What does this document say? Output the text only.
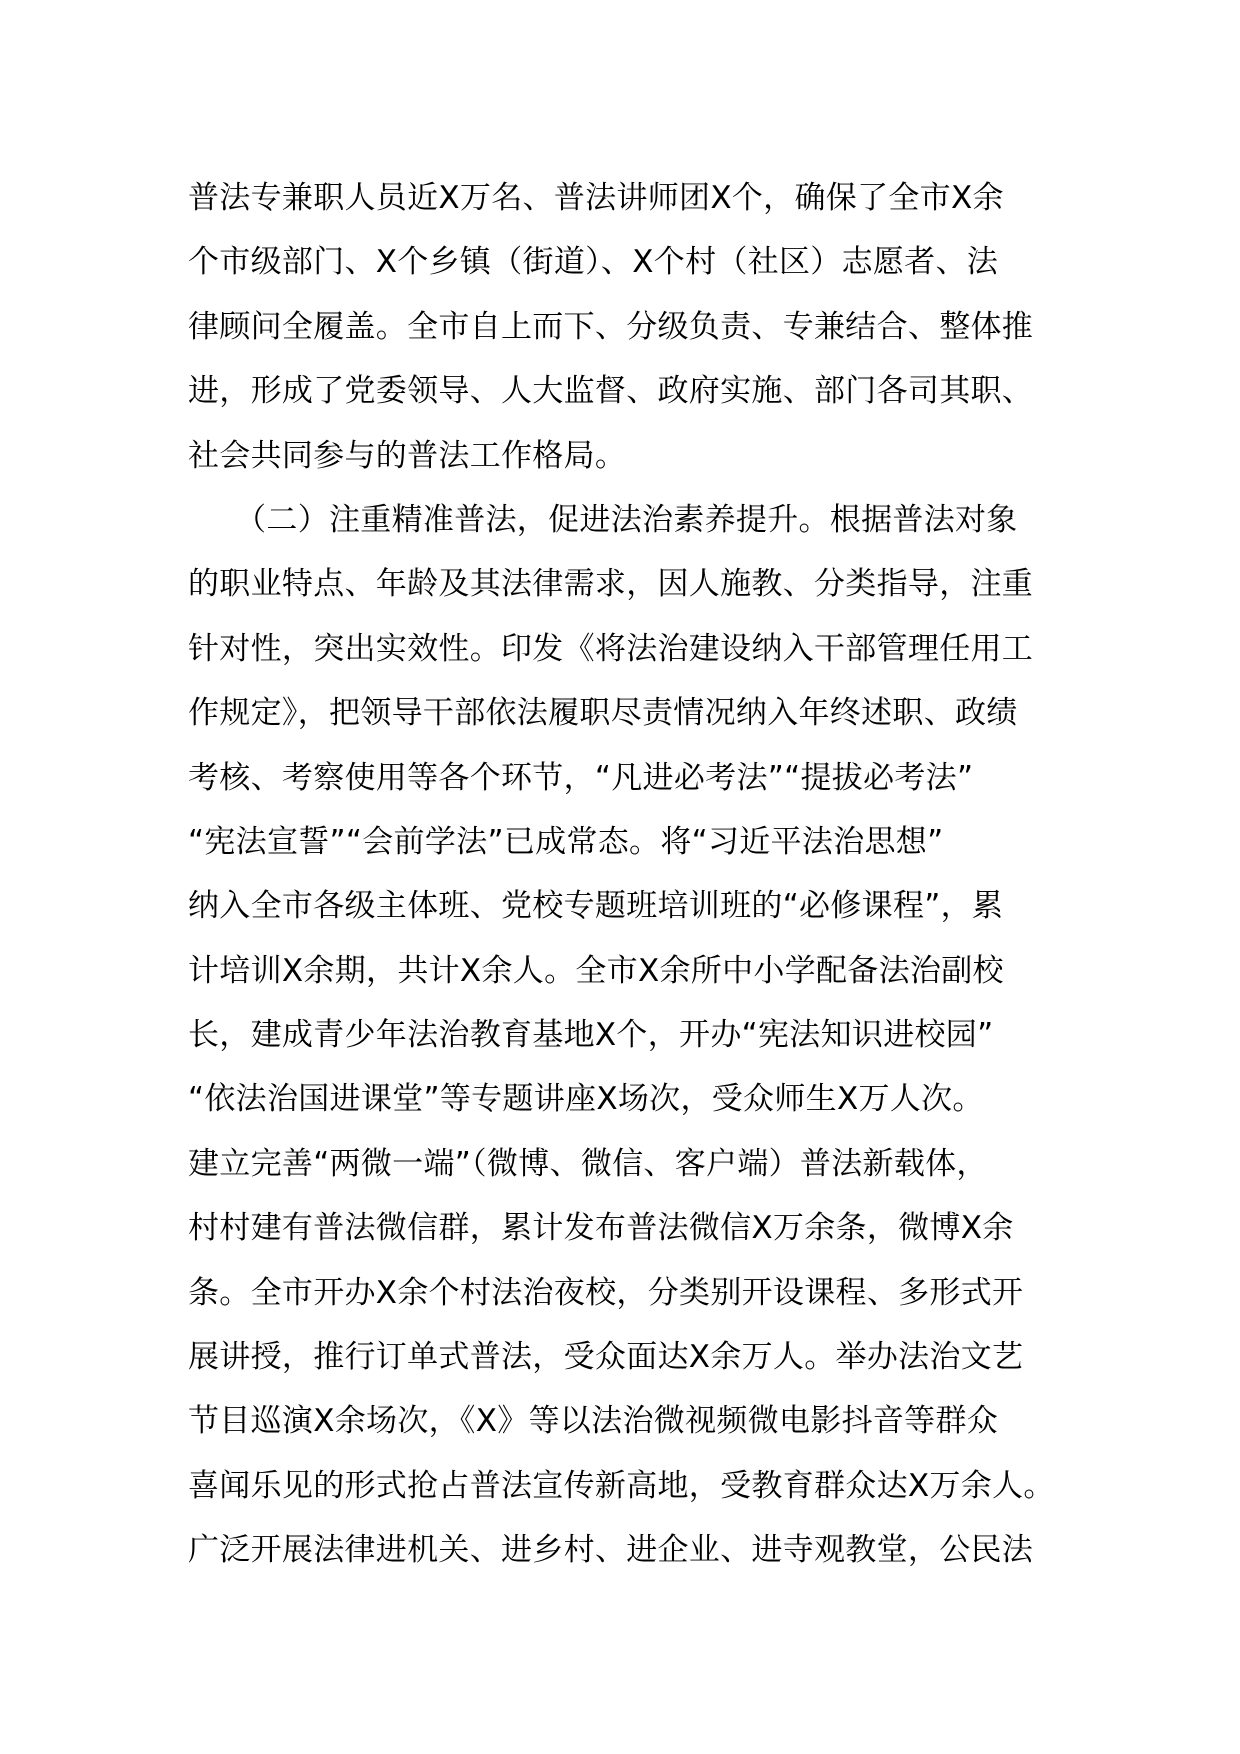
普法专兼职人员近Ⅹ万名、普法讲师团Ⅹ个，确保了全市Ⅹ余
个市级部门、Ⅹ个乡镇（街道）、Ⅹ个村（社区）志愿者、法
律顾问全履盖。全市自上而下、分级负责、专兼结合、整体推
进，形成了党委领导、人大监督、政府实施、部门各司其职、
社会共同参与的普法工作格局。
　　（二）注重精准普法，促进法治素养提升。根据普法对象
的职业特点、年龄及其法律需求，因人施教、分类指导，注重
针对性，突出实效性。印发《将法治建设纳入干部管理任用工
作规定》，把领导干部依法履职尽责情况纳入年终述职、政绩
考核、考察使用等各个环节，“凡进必考法”“提拔必考法”
“宪法宣誓”“会前学法”已成常态。将“习近平法治思想”
纳入全市各级主体班、党校专题班培训班的“必修课程”，累
计培训Ⅹ余期，共计Ⅹ余人。全市Ⅹ余所中小学配备法治副校
长，建成青少年法治教育基地Ⅹ个，开办“宪法知识进校园”
“依法治国进课堂”等专题讲座Ⅹ场次，受众师生Ⅹ万人次。
建立完善“两微一端”（微博、微信、客户端）普法新载体，
村村建有普法微信群，累计发布普法微信Ⅹ万余条，微博Ⅹ余
条。全市开办Ⅹ余个村法治夜校，分类别开设课程、多形式开
展讲授，推行订单式普法，受众面达Ⅹ余万人。举办法治文艺
节目巡演Ⅹ余场次，《Ⅹ》等以法治微视频微电影抖音等群众
喜闻乐见的形式抢占普法宣传新高地，受教育群众达Ⅹ万余人。
广泛开展法律进机关、进乡村、进企业、进寺观教堂，公民法
